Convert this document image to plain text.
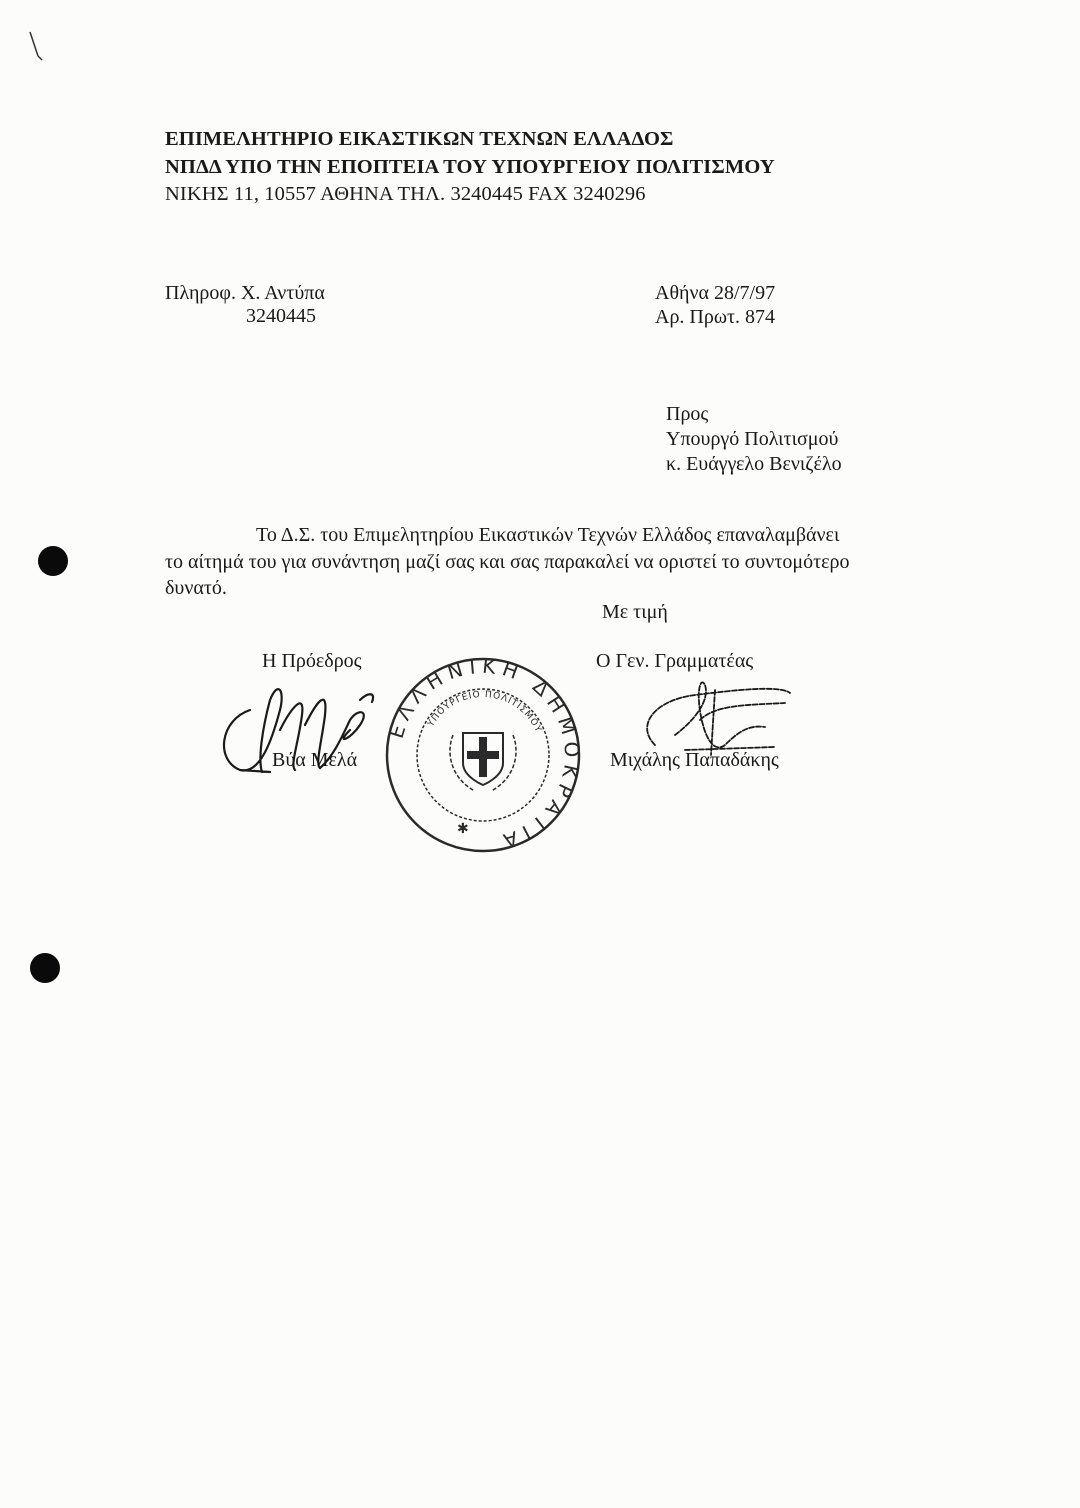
ΕΠΙΜΕΛΗΤΗΡΙΟ ΕΙΚΑΣΤΙΚΩΝ ΤΕΧΝΩΝ ΕΛΛΑΔΟΣ
ΝΠΔΔ ΥΠΟ ΤΗΝ ΕΠΟΠΤΕΙΑ ΤΟΥ ΥΠΟΥΡΓΕΙΟΥ ΠΟΛΙΤΙΣΜΟΥ
ΝΙΚΗΣ 11, 10557 ΑΘΗΝΑ ΤΗΛ. 3240445 FAX 3240296
Πληροφ. Χ. Αντύπα
3240445
Αθήνα 28/7/97
Αρ. Πρωτ. 874
Προς
Υπουργό Πολιτισμού
κ. Ευάγγελο Βενιζέλο
Το Δ.Σ. του Επιμελητηρίου Εικαστικών Τεχνών Ελλάδος επαναλαμβάνει
το αίτημά του για συνάντηση μαζί σας και σας παρακαλεί να οριστεί το συντομότερο
δυνατό.
Με τιμή
Η Πρόεδρος
Βύα Μελά
Ο Γεν. Γραμματέας
Μιχάλης Παπαδάκης
ΕΛΛΗΝΙΚΗ ΔΗΜΟΚΡΑΤΙΑ
ΥΠΟΥΡΓΕΙΟ ΠΟΛΙΤΙΣΜΟΥ
✱
